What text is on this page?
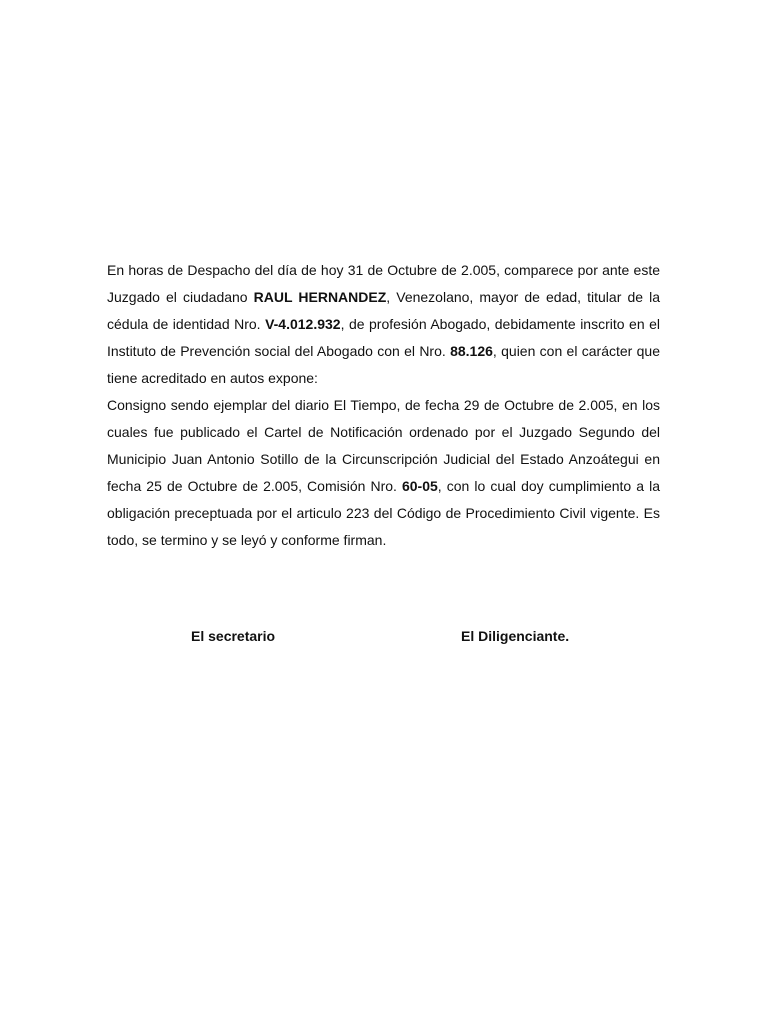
En horas de Despacho del día de hoy 31 de Octubre de 2.005, comparece por ante este Juzgado el ciudadano RAUL HERNANDEZ, Venezolano, mayor de edad, titular de la cédula de identidad Nro. V-4.012.932, de profesión Abogado, debidamente inscrito en el Instituto de Prevención social del Abogado con el Nro. 88.126, quien con el carácter que tiene acreditado en autos expone:

Consigno sendo ejemplar del diario El Tiempo, de fecha 29 de Octubre de 2.005, en los cuales fue publicado el Cartel de Notificación ordenado por el Juzgado Segundo del Municipio Juan Antonio Sotillo de la Circunscripción Judicial del Estado Anzoátegui en fecha 25 de Octubre de 2.005, Comisión Nro. 60-05, con lo cual doy cumplimiento a la obligación preceptuada por el articulo 223 del Código de Procedimiento Civil vigente. Es todo, se termino y se leyó y conforme firman.

El secretario	El Diligenciante.
